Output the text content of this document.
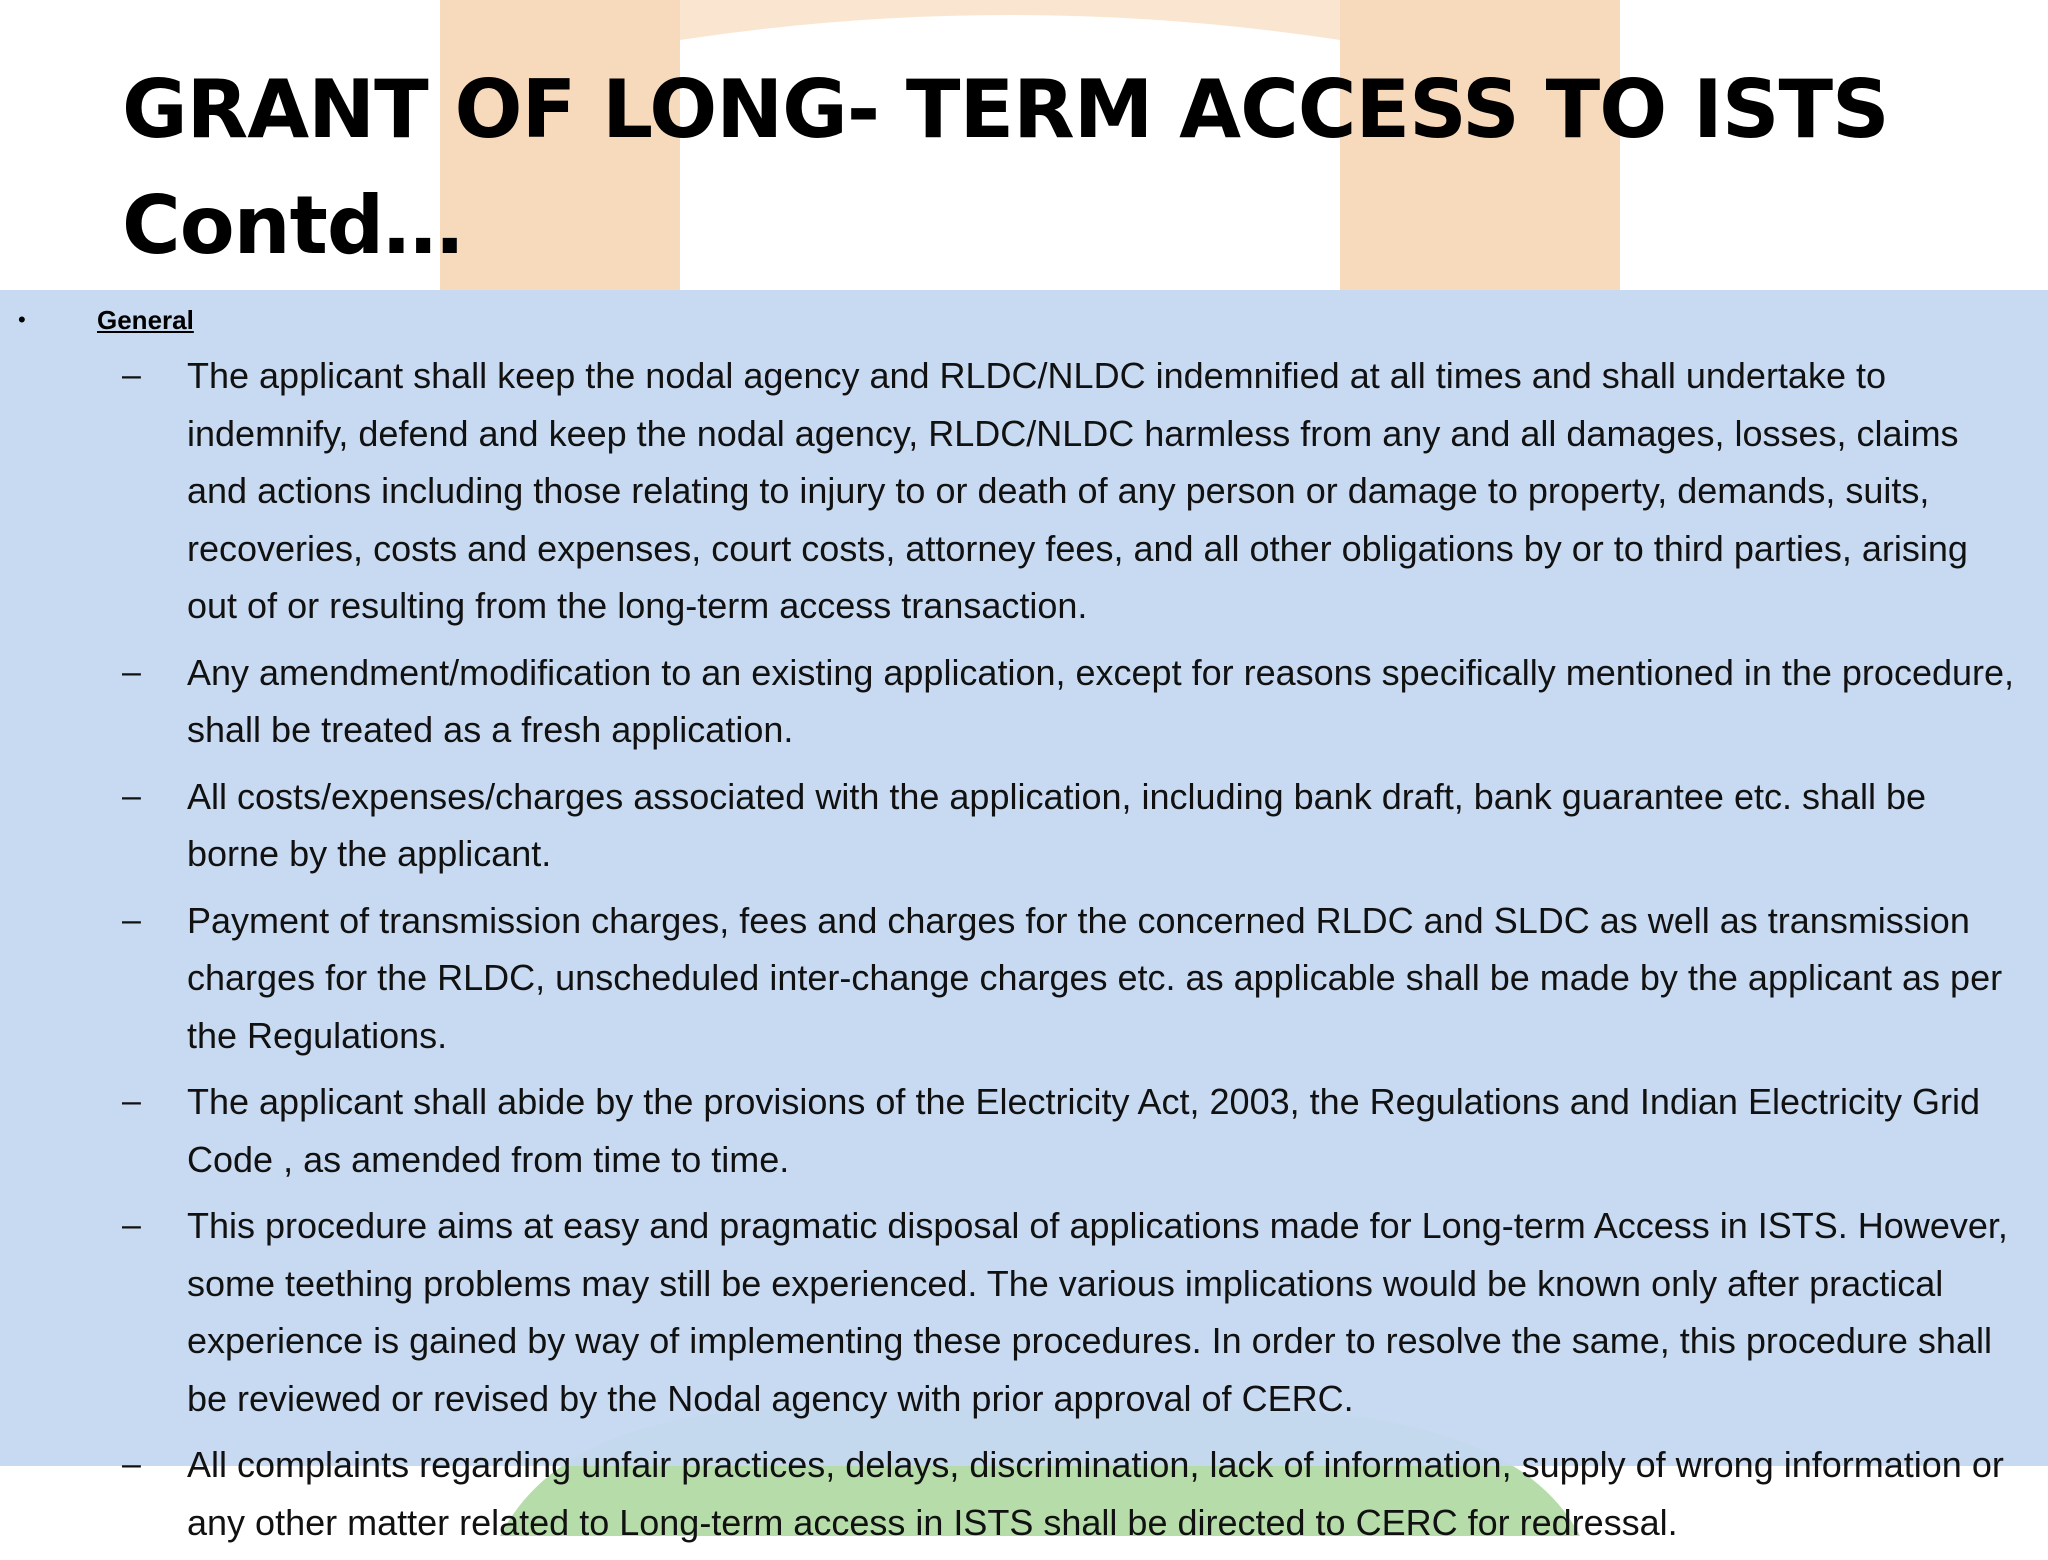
GRANT OF LONG- TERM ACCESS TO ISTS Contd…
•	General
– The applicant shall keep the nodal agency and RLDC/NLDC indemnified at all times and shall undertake to indemnify, defend and keep the nodal agency, RLDC/NLDC harmless from any and all damages, losses, claims and actions including those relating to injury to or death of any person or damage to property, demands, suits, recoveries, costs and expenses, court costs, attorney fees, and all other obligations by or to third parties, arising out of or resulting from the long-term access transaction.
– Any amendment/modification to an existing application, except for reasons specifically mentioned in the procedure, shall be treated as a fresh application.
– All costs/expenses/charges associated with the application, including bank draft, bank guarantee etc. shall be borne by the applicant.
– Payment of transmission charges, fees and charges for the concerned RLDC and SLDC as well as transmission charges for the RLDC, unscheduled inter-change charges etc. as applicable shall be made by the applicant as per the Regulations.
– The applicant shall abide by the provisions of the Electricity Act, 2003, the Regulations and Indian Electricity Grid Code , as amended from time to time.
– This procedure aims at easy and pragmatic disposal of applications made for Long-term Access in ISTS. However, some teething problems may still be experienced. The various implications would be known only after practical experience is gained by way of implementing these procedures. In order to resolve the same, this procedure shall be reviewed or revised by the Nodal agency with prior approval of CERC.
– All complaints regarding unfair practices, delays, discrimination, lack of information, supply of wrong information or any other matter related to Long-term access in ISTS shall be directed to CERC for redressal.
